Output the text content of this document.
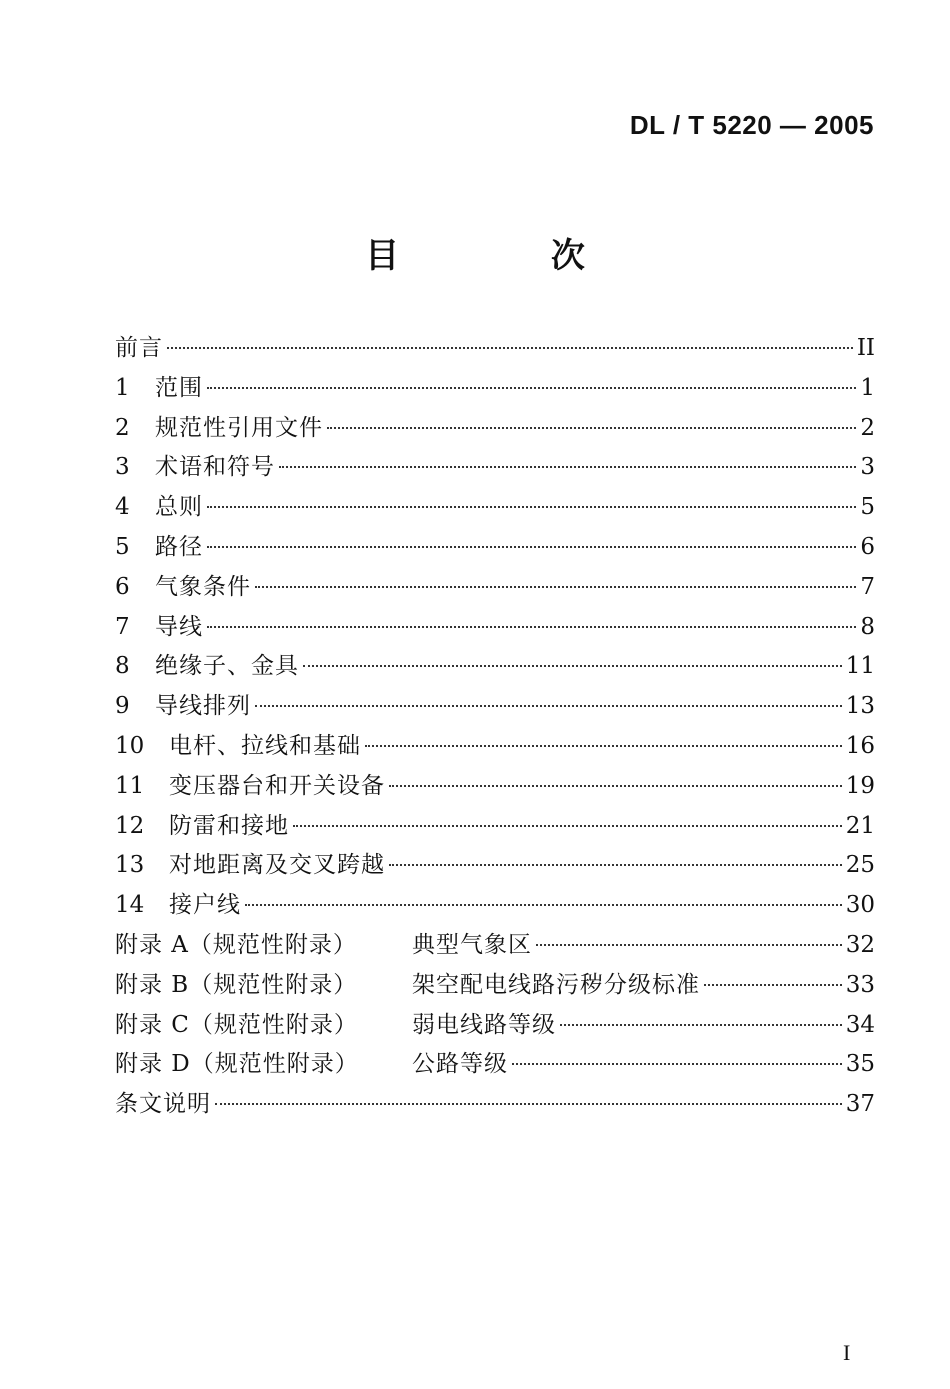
DL / T 5220 — 2005
目 次
前言	II
1	范围	1
2	规范性引用文件	2
3	术语和符号	3
4	总则	5
5	路径	6
6	气象条件	7
7	导线	8
8	绝缘子、金具	11
9	导线排列	13
10	电杆、拉线和基础	16
11	变压器台和开关设备	19
12	防雷和接地	21
13	对地距离及交叉跨越	25
14	接户线	30
附录 A（规范性附录）	典型气象区	32
附录 B（规范性附录）	架空配电线路污秽分级标准	33
附录 C（规范性附录）	弱电线路等级	34
附录 D（规范性附录）	公路等级	35
条文说明	37
I
